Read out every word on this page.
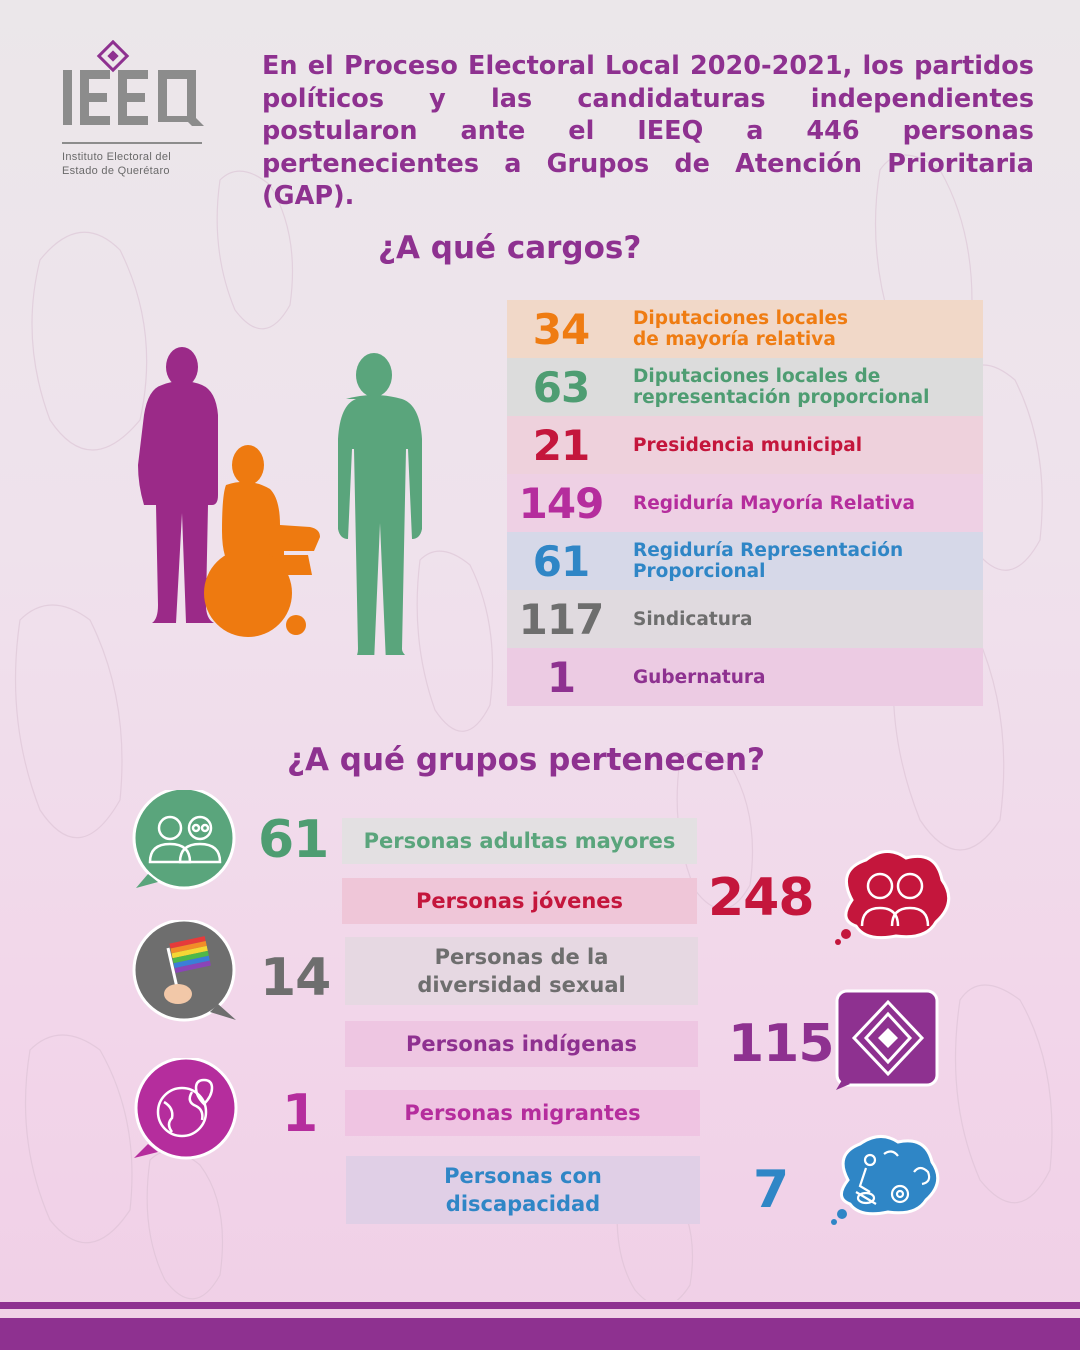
Instituto Electoral del
Estado de Querétaro
En el Proceso Electoral Local 2020-2021, los partidos políticos y las candidaturas independientes postularon ante el IEEQ a 446 personas pertenecientes a Grupos de Atención Prioritaria (GAP).
¿A qué cargos?
34	Diputaciones locales
de mayoría relativa
63	Diputaciones locales de
representación proporcional
21	Presidencia municipal
149	Regiduría Mayoría Relativa
61	Regiduría Representación
Proporcional
117	Sindicatura
1	Gubernatura
¿A qué grupos pertenecen?
61	Personas adultas mayores
Personas jóvenes	248
14	Personas de la
diversidad sexual
Personas indígenas	115
1	Personas migrantes
Personas con
discapacidad	7
